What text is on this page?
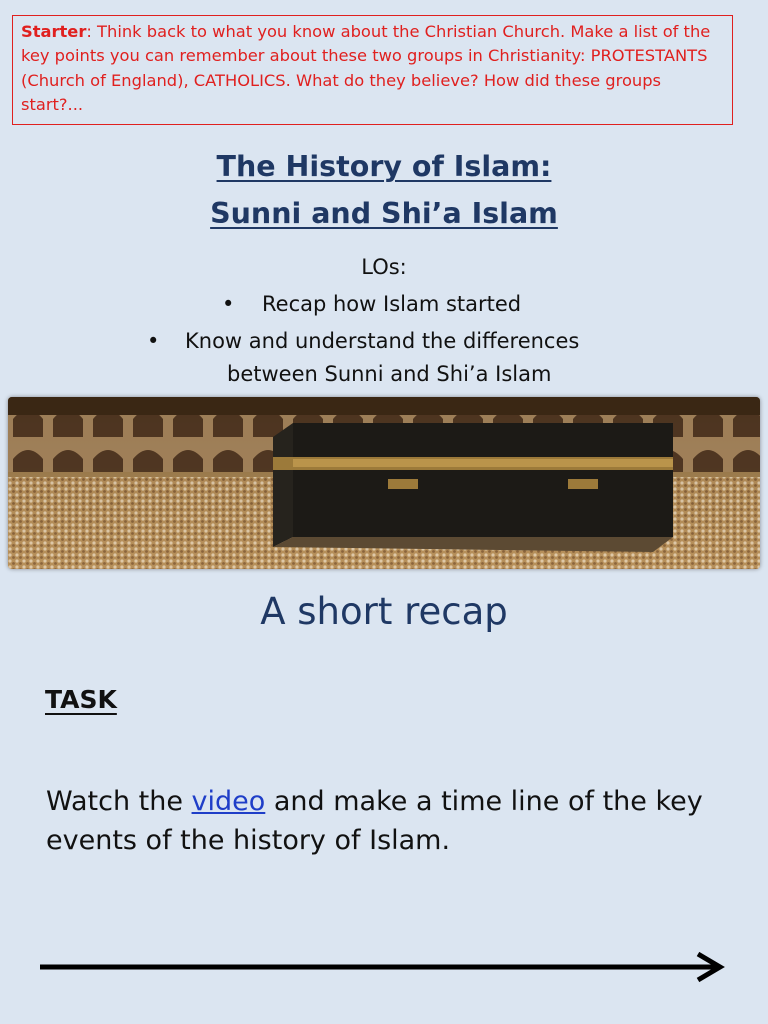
Starter: Think back to what you know about the Christian Church. Make a list of the key points you can remember about these two groups in Christianity: PROTESTANTS (Church of England), CATHOLICS. What do they believe? How did these groups start?...
The History of Islam:
Sunni and Shi’a Islam
LOs:
• Recap how Islam started
•	Know and understand the differences
between Sunni and Shi’a Islam
A short recap
TASK
Watch the video and make a time line of the key events of the history of Islam.
